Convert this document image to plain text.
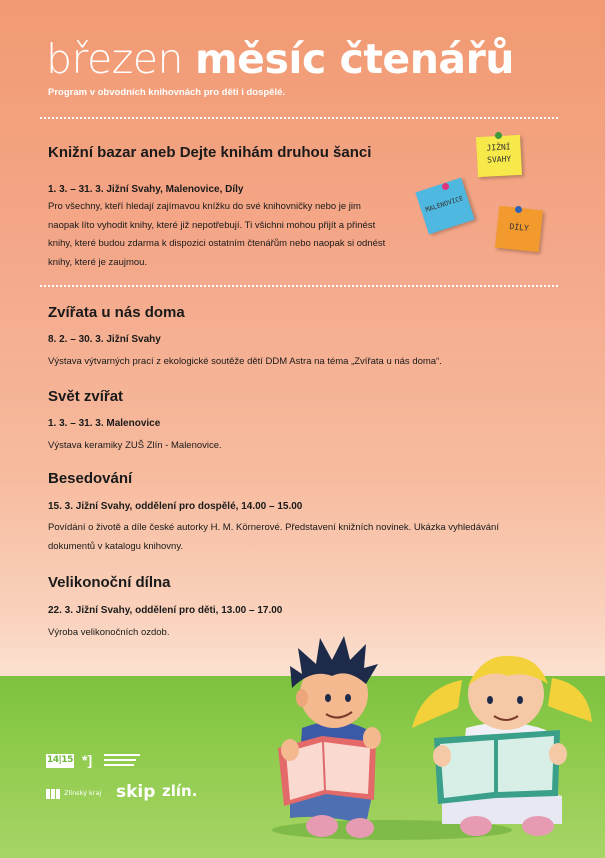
březen měsíc čtenářů
Program v obvodních knihovnách pro děti i dospělé.
Knižní bazar aneb Dejte knihám druhou šanci
1. 3. – 31. 3. Jižní Svahy, Malenovice, Díly
Pro všechny, kteří hledají zajímavou knížku do své knihovničky nebo je jim
naopak líto vyhodit knihy, které již nepotřebují. Ti všichni mohou přijít a přinést
knihy, které budou zdarma k dispozici ostatním čtenářům nebo naopak si odnést
knihy, které je zaujmou.
JIŽNÍ
SVAHY
MALENOVICE
DÍLY
Zvířata u nás doma
8. 2. – 30. 3. Jižní Svahy
Výstava výtvarných prací z ekologické soutěže dětí DDM Astra na téma „Zvířata u nás doma“.
Svět zvířat
1. 3. – 31. 3. Malenovice
Výstava keramiky ZUŠ Zlín - Malenovice.
Besedování
15. 3. Jižní Svahy, oddělení pro dospělé, 14.00 – 15.00
Povídání o životě a díle české autorky H. M. Körnerové. Představení knižních novinek. Ukázka vyhledávání
dokumentů v katalogu knihovny.
Velikonoční dílna
22. 3. Jižní Svahy, oddělení pro děti, 13.00 – 17.00
Výroba velikonočních ozdob.
14|15 *]
Zlínský kraj skip zlín.
